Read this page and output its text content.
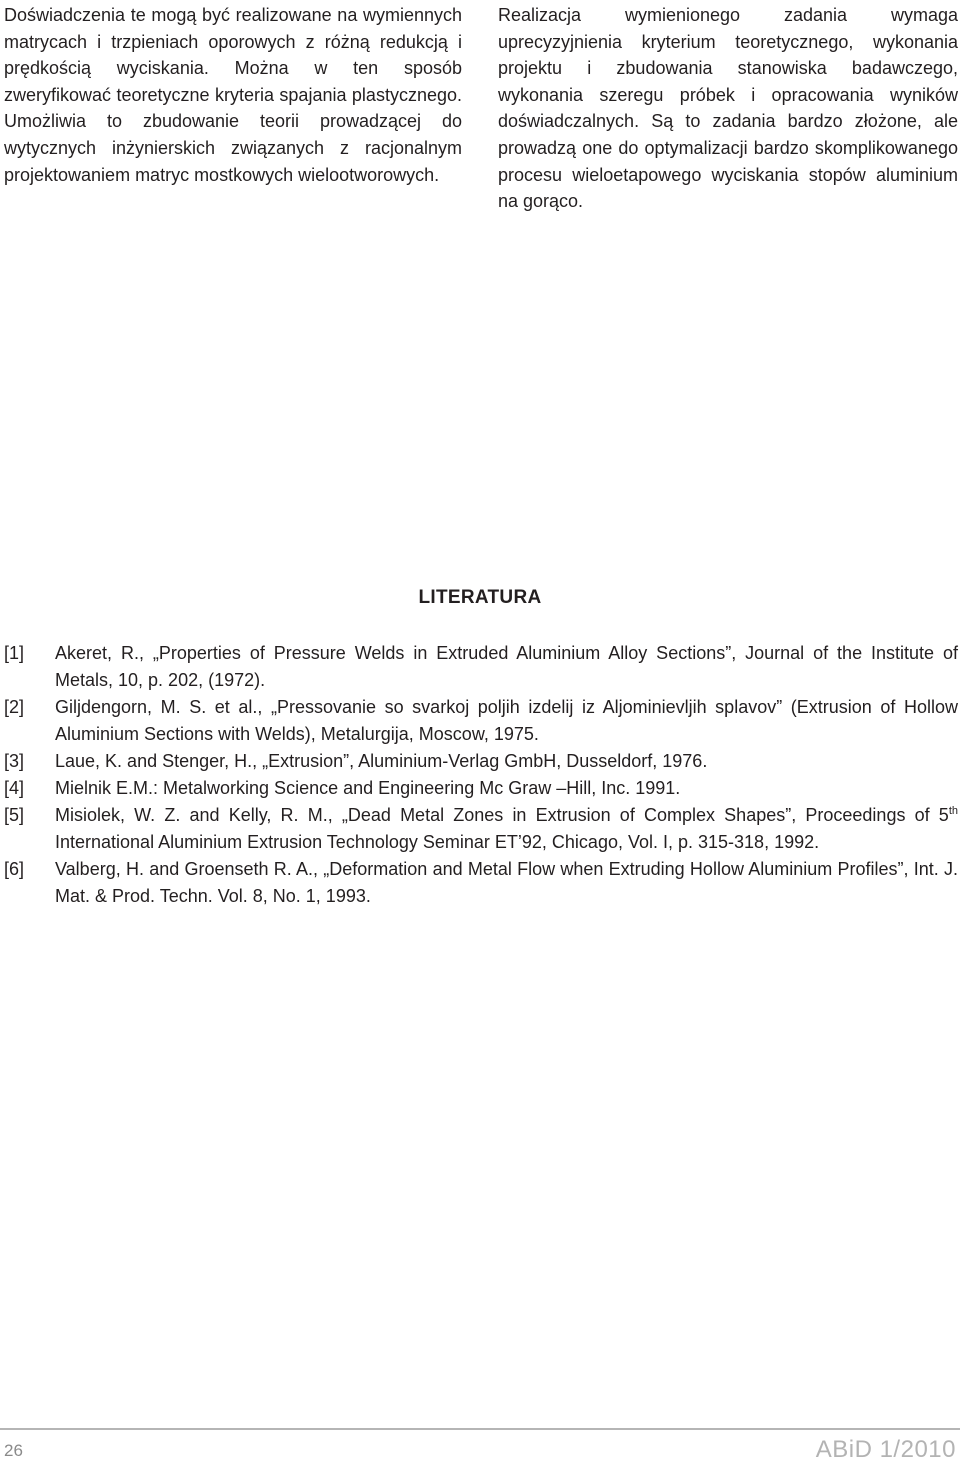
Doświadczenia te mogą być realizowane na wymiennych matrycach i trzpieniach oporowych z różną redukcją i prędkością wyciskania. Można w ten sposób zweryfikować teoretyczne kryteria spajania plastycznego. Umożliwia to zbudowanie teorii prowadzącej do wytycznych inżynierskich związanych z racjonalnym projektowaniem matryc mostkowych wielootworowych.
Realizacja wymienionego zadania wymaga uprecyzyjnienia kryterium teoretycznego, wykonania projektu i zbudowania stanowiska badawczego, wykonania szeregu próbek i opracowania wyników doświadczalnych. Są to zadania bardzo złożone, ale prowadzą one do optymalizacji bardzo skomplikowanego procesu wieloetapowego wyciskania stopów aluminium na gorąco.
LITERATURA
[1] Akeret, R., „Properties of Pressure Welds in Extruded Aluminium Alloy Sections”, Journal of the Institute of Metals, 10, p. 202, (1972).
[2] Giljdengorn, M. S. et al., „Pressovanie so svarkoj poljih izdelij iz Aljominievljih splavov” (Extrusion of Hollow Aluminium Sections with Welds), Metalurgija, Moscow, 1975.
[3] Laue, K. and Stenger, H., „Extrusion”, Aluminium-Verlag GmbH, Dusseldorf, 1976.
[4] Mielnik E.M.: Metalworking Science and Engineering Mc Graw –Hill, Inc. 1991.
[5] Misiolek, W. Z. and Kelly, R. M., „Dead Metal Zones in Extrusion of Complex Shapes”, Proceedings of 5th International Aluminium Extrusion Technology Seminar ET’92, Chicago, Vol. I, p. 315-318, 1992.
[6] Valberg, H. and Groenseth R. A., „Deformation and Metal Flow when Extruding Hollow Aluminium Profiles”, Int. J. Mat. & Prod. Techn. Vol. 8, No. 1, 1993.
26	ABiD 1/2010
